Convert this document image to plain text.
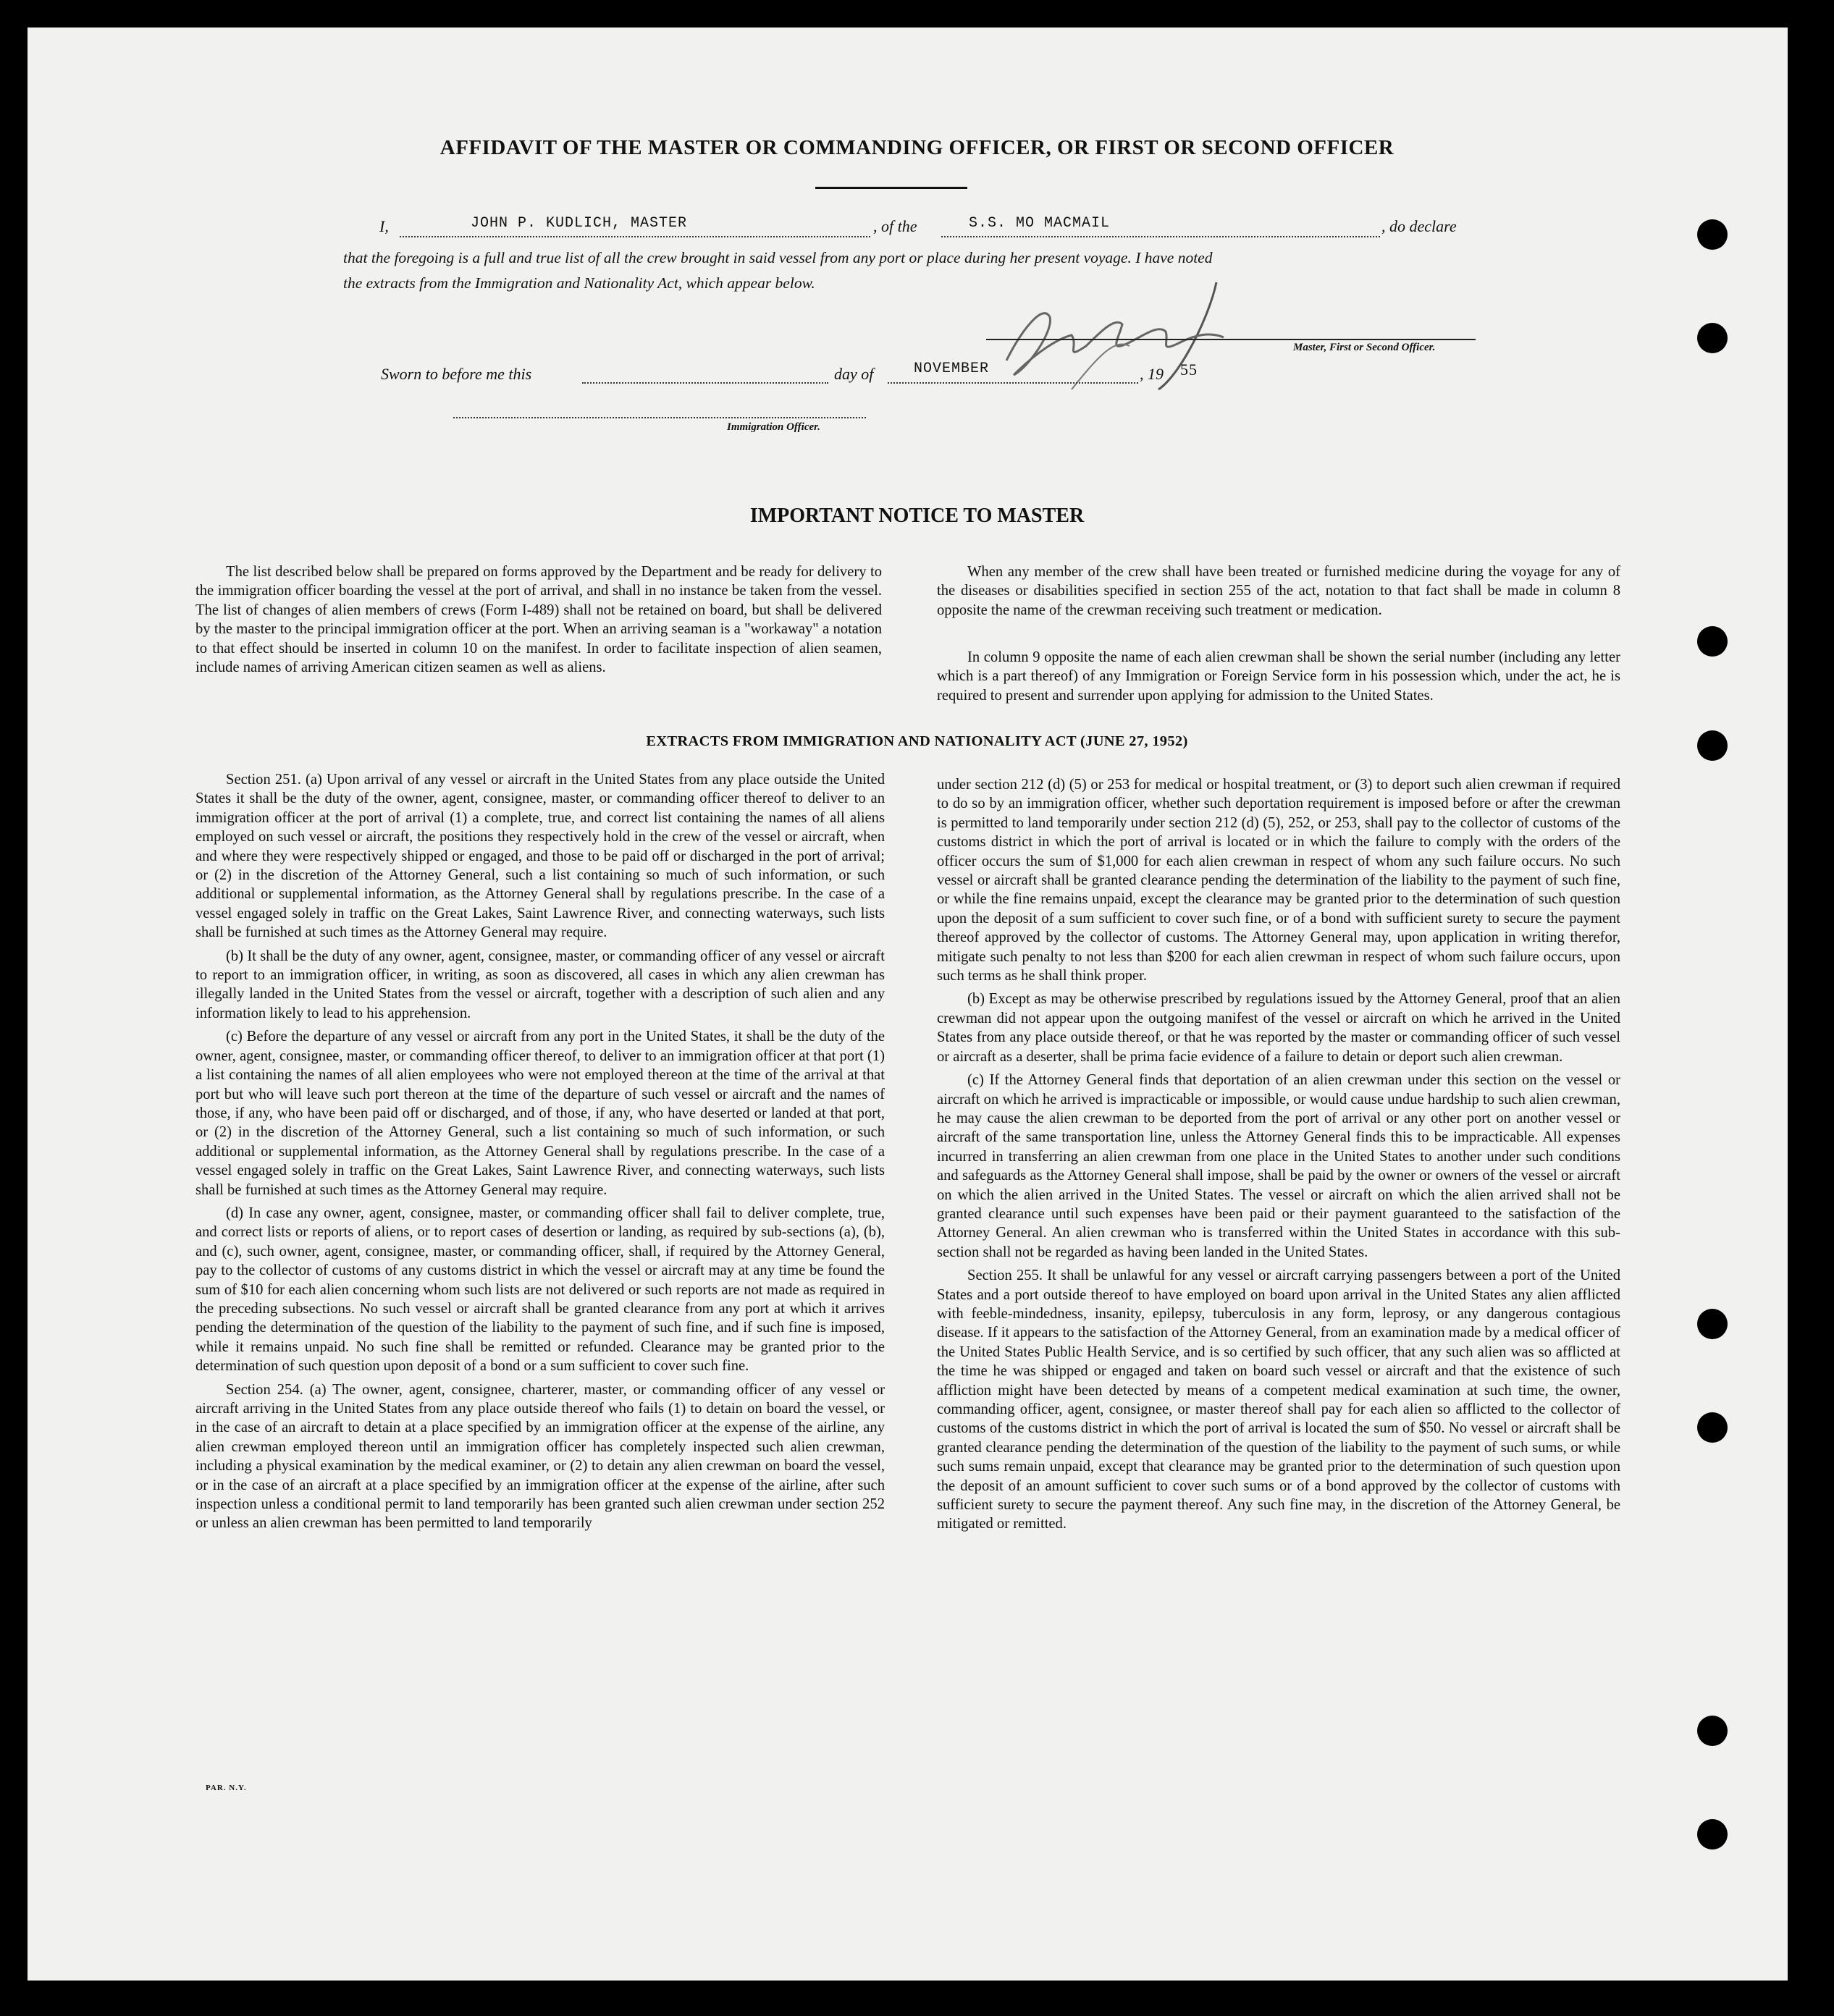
AFFIDAVIT OF THE MASTER OR COMMANDING OFFICER, OR FIRST OR SECOND OFFICER
I,	JOHN P. KUDLICH, MASTER	, of the	S.S. MO MACMAIL	, do declare
that the foregoing is a full and true list of all the crew brought in said vessel from any port or place during her present voyage. I have noted
the extracts from the Immigration and Nationality Act, which appear below.
Master, First or Second Officer.
Sworn to before me this	day of	NOVEMBER	, 19 55
Immigration Officer.
IMPORTANT NOTICE TO MASTER

The list described below shall be prepared on forms approved by the Department and be ready for delivery to the immigration officer boarding the vessel at the port of arrival, and shall in no instance be taken from the vessel. The list of changes of alien members of crews (Form I-489) shall not be retained on board, but shall be delivered by the master to the principal immigration officer at the port. When an arriving seaman is a "workaway" a notation to that effect should be inserted in column 10 on the manifest. In order to facilitate inspection of alien seamen, include names of arriving American citizen seamen as well as aliens.

When any member of the crew shall have been treated or furnished medicine during the voyage for any of the diseases or disabilities specified in section 255 of the act, notation to that fact shall be made in column 8 opposite the name of the crewman receiving such treatment or medication.

In column 9 opposite the name of each alien crewman shall be shown the serial number (including any letter which is a part thereof) of any Immigration or Foreign Service form in his possession which, under the act, he is required to present and surrender upon applying for admission to the United States.

EXTRACTS FROM IMMIGRATION AND NATIONALITY ACT (JUNE 27, 1952)

Section 251. (a) Upon arrival of any vessel or aircraft in the United States from any place outside the United States it shall be the duty of the owner, agent, consignee, master, or commanding officer thereof to deliver to an immigration officer at the port of arrival (1) a complete, true, and correct list containing the names of all aliens employed on such vessel or aircraft, the positions they respectively hold in the crew of the vessel or aircraft, when and where they were respectively shipped or engaged, and those to be paid off or discharged in the port of arrival; or (2) in the discretion of the Attorney General, such a list containing so much of such information, or such additional or supplemental information, as the Attorney General shall by regulations prescribe. In the case of a vessel engaged solely in traffic on the Great Lakes, Saint Lawrence River, and connecting waterways, such lists shall be furnished at such times as the Attorney General may require.

(b) It shall be the duty of any owner, agent, consignee, master, or commanding officer of any vessel or aircraft to report to an immigration officer, in writing, as soon as discovered, all cases in which any alien crewman has illegally landed in the United States from the vessel or aircraft, together with a description of such alien and any information likely to lead to his apprehension.

(c) Before the departure of any vessel or aircraft from any port in the United States, it shall be the duty of the owner, agent, consignee, master, or commanding officer thereof, to deliver to an immigration officer at that port (1) a list containing the names of all alien employees who were not employed thereon at the time of the arrival at that port but who will leave such port thereon at the time of the departure of such vessel or aircraft and the names of those, if any, who have been paid off or discharged, and of those, if any, who have deserted or landed at that port, or (2) in the discretion of the Attorney General, such a list containing so much of such information, or such additional or supplemental information, as the Attorney General shall by regulations prescribe. In the case of a vessel engaged solely in traffic on the Great Lakes, Saint Lawrence River, and connecting waterways, such lists shall be furnished at such times as the Attorney General may require.

(d) In case any owner, agent, consignee, master, or commanding officer shall fail to deliver complete, true, and correct lists or reports of aliens, or to report cases of desertion or landing, as required by sub-sections (a), (b), and (c), such owner, agent, consignee, master, or commanding officer, shall, if required by the Attorney General, pay to the collector of customs of any customs district in which the vessel or aircraft may at any time be found the sum of $10 for each alien concerning whom such lists are not delivered or such reports are not made as required in the preceding subsections. No such vessel or aircraft shall be granted clearance from any port at which it arrives pending the determination of the question of the liability to the payment of such fine, and if such fine is imposed, while it remains unpaid. No such fine shall be remitted or refunded. Clearance may be granted prior to the determination of such question upon deposit of a bond or a sum sufficient to cover such fine.

Section 254. (a) The owner, agent, consignee, charterer, master, or commanding officer of any vessel or aircraft arriving in the United States from any place outside thereof who fails (1) to detain on board the vessel, or in the case of an aircraft to detain at a place specified by an immigration officer at the expense of the airline, any alien crewman employed thereon until an immigration officer has completely inspected such alien crewman, including a physical examination by the medical examiner, or (2) to detain any alien crewman on board the vessel, or in the case of an aircraft at a place specified by an immigration officer at the expense of the airline, after such inspection unless a conditional permit to land temporarily has been granted such alien crewman under section 252 or unless an alien crewman has been permitted to land temporarily

under section 212 (d) (5) or 253 for medical or hospital treatment, or (3) to deport such alien crewman if required to do so by an immigration officer, whether such deportation requirement is imposed before or after the crewman is permitted to land temporarily under section 212 (d) (5), 252, or 253, shall pay to the collector of customs of the customs district in which the port of arrival is located or in which the failure to comply with the orders of the officer occurs the sum of $1,000 for each alien crewman in respect of whom any such failure occurs. No such vessel or aircraft shall be granted clearance pending the determination of the liability to the payment of such fine, or while the fine remains unpaid, except the clearance may be granted prior to the determination of such question upon the deposit of a sum sufficient to cover such fine, or of a bond with sufficient surety to secure the payment thereof approved by the collector of customs. The Attorney General may, upon application in writing therefor, mitigate such penalty to not less than $200 for each alien crewman in respect of whom such failure occurs, upon such terms as he shall think proper.

(b) Except as may be otherwise prescribed by regulations issued by the Attorney General, proof that an alien crewman did not appear upon the outgoing manifest of the vessel or aircraft on which he arrived in the United States from any place outside thereof, or that he was reported by the master or commanding officer of such vessel or aircraft as a deserter, shall be prima facie evidence of a failure to detain or deport such alien crewman.

(c) If the Attorney General finds that deportation of an alien crewman under this section on the vessel or aircraft on which he arrived is impracticable or impossible, or would cause undue hardship to such alien crewman, he may cause the alien crewman to be deported from the port of arrival or any other port on another vessel or aircraft of the same transportation line, unless the Attorney General finds this to be impracticable. All expenses incurred in transferring an alien crewman from one place in the United States to another under such conditions and safeguards as the Attorney General shall impose, shall be paid by the owner or owners of the vessel or aircraft on which the alien arrived in the United States. The vessel or aircraft on which the alien arrived shall not be granted clearance until such expenses have been paid or their payment guaranteed to the satisfaction of the Attorney General. An alien crewman who is transferred within the United States in accordance with this sub-section shall not be regarded as having been landed in the United States.

Section 255. It shall be unlawful for any vessel or aircraft carrying passengers between a port of the United States and a port outside thereof to have employed on board upon arrival in the United States any alien afflicted with feeble-mindedness, insanity, epilepsy, tuberculosis in any form, leprosy, or any dangerous contagious disease. If it appears to the satisfaction of the Attorney General, from an examination made by a medical officer of the United States Public Health Service, and is so certified by such officer, that any such alien was so afflicted at the time he was shipped or engaged and taken on board such vessel or aircraft and that the existence of such affliction might have been detected by means of a competent medical examination at such time, the owner, commanding officer, agent, consignee, or master thereof shall pay for each alien so afflicted to the collector of customs of the customs district in which the port of arrival is located the sum of $50. No vessel or aircraft shall be granted clearance pending the determination of the question of the liability to the payment of such sums, or while such sums remain unpaid, except that clearance may be granted prior to the determination of such question upon the deposit of an amount sufficient to cover such sums or of a bond approved by the collector of customs with sufficient surety to secure the payment thereof. Any such fine may, in the discretion of the Attorney General, be mitigated or remitted.

PAR. N.Y.
